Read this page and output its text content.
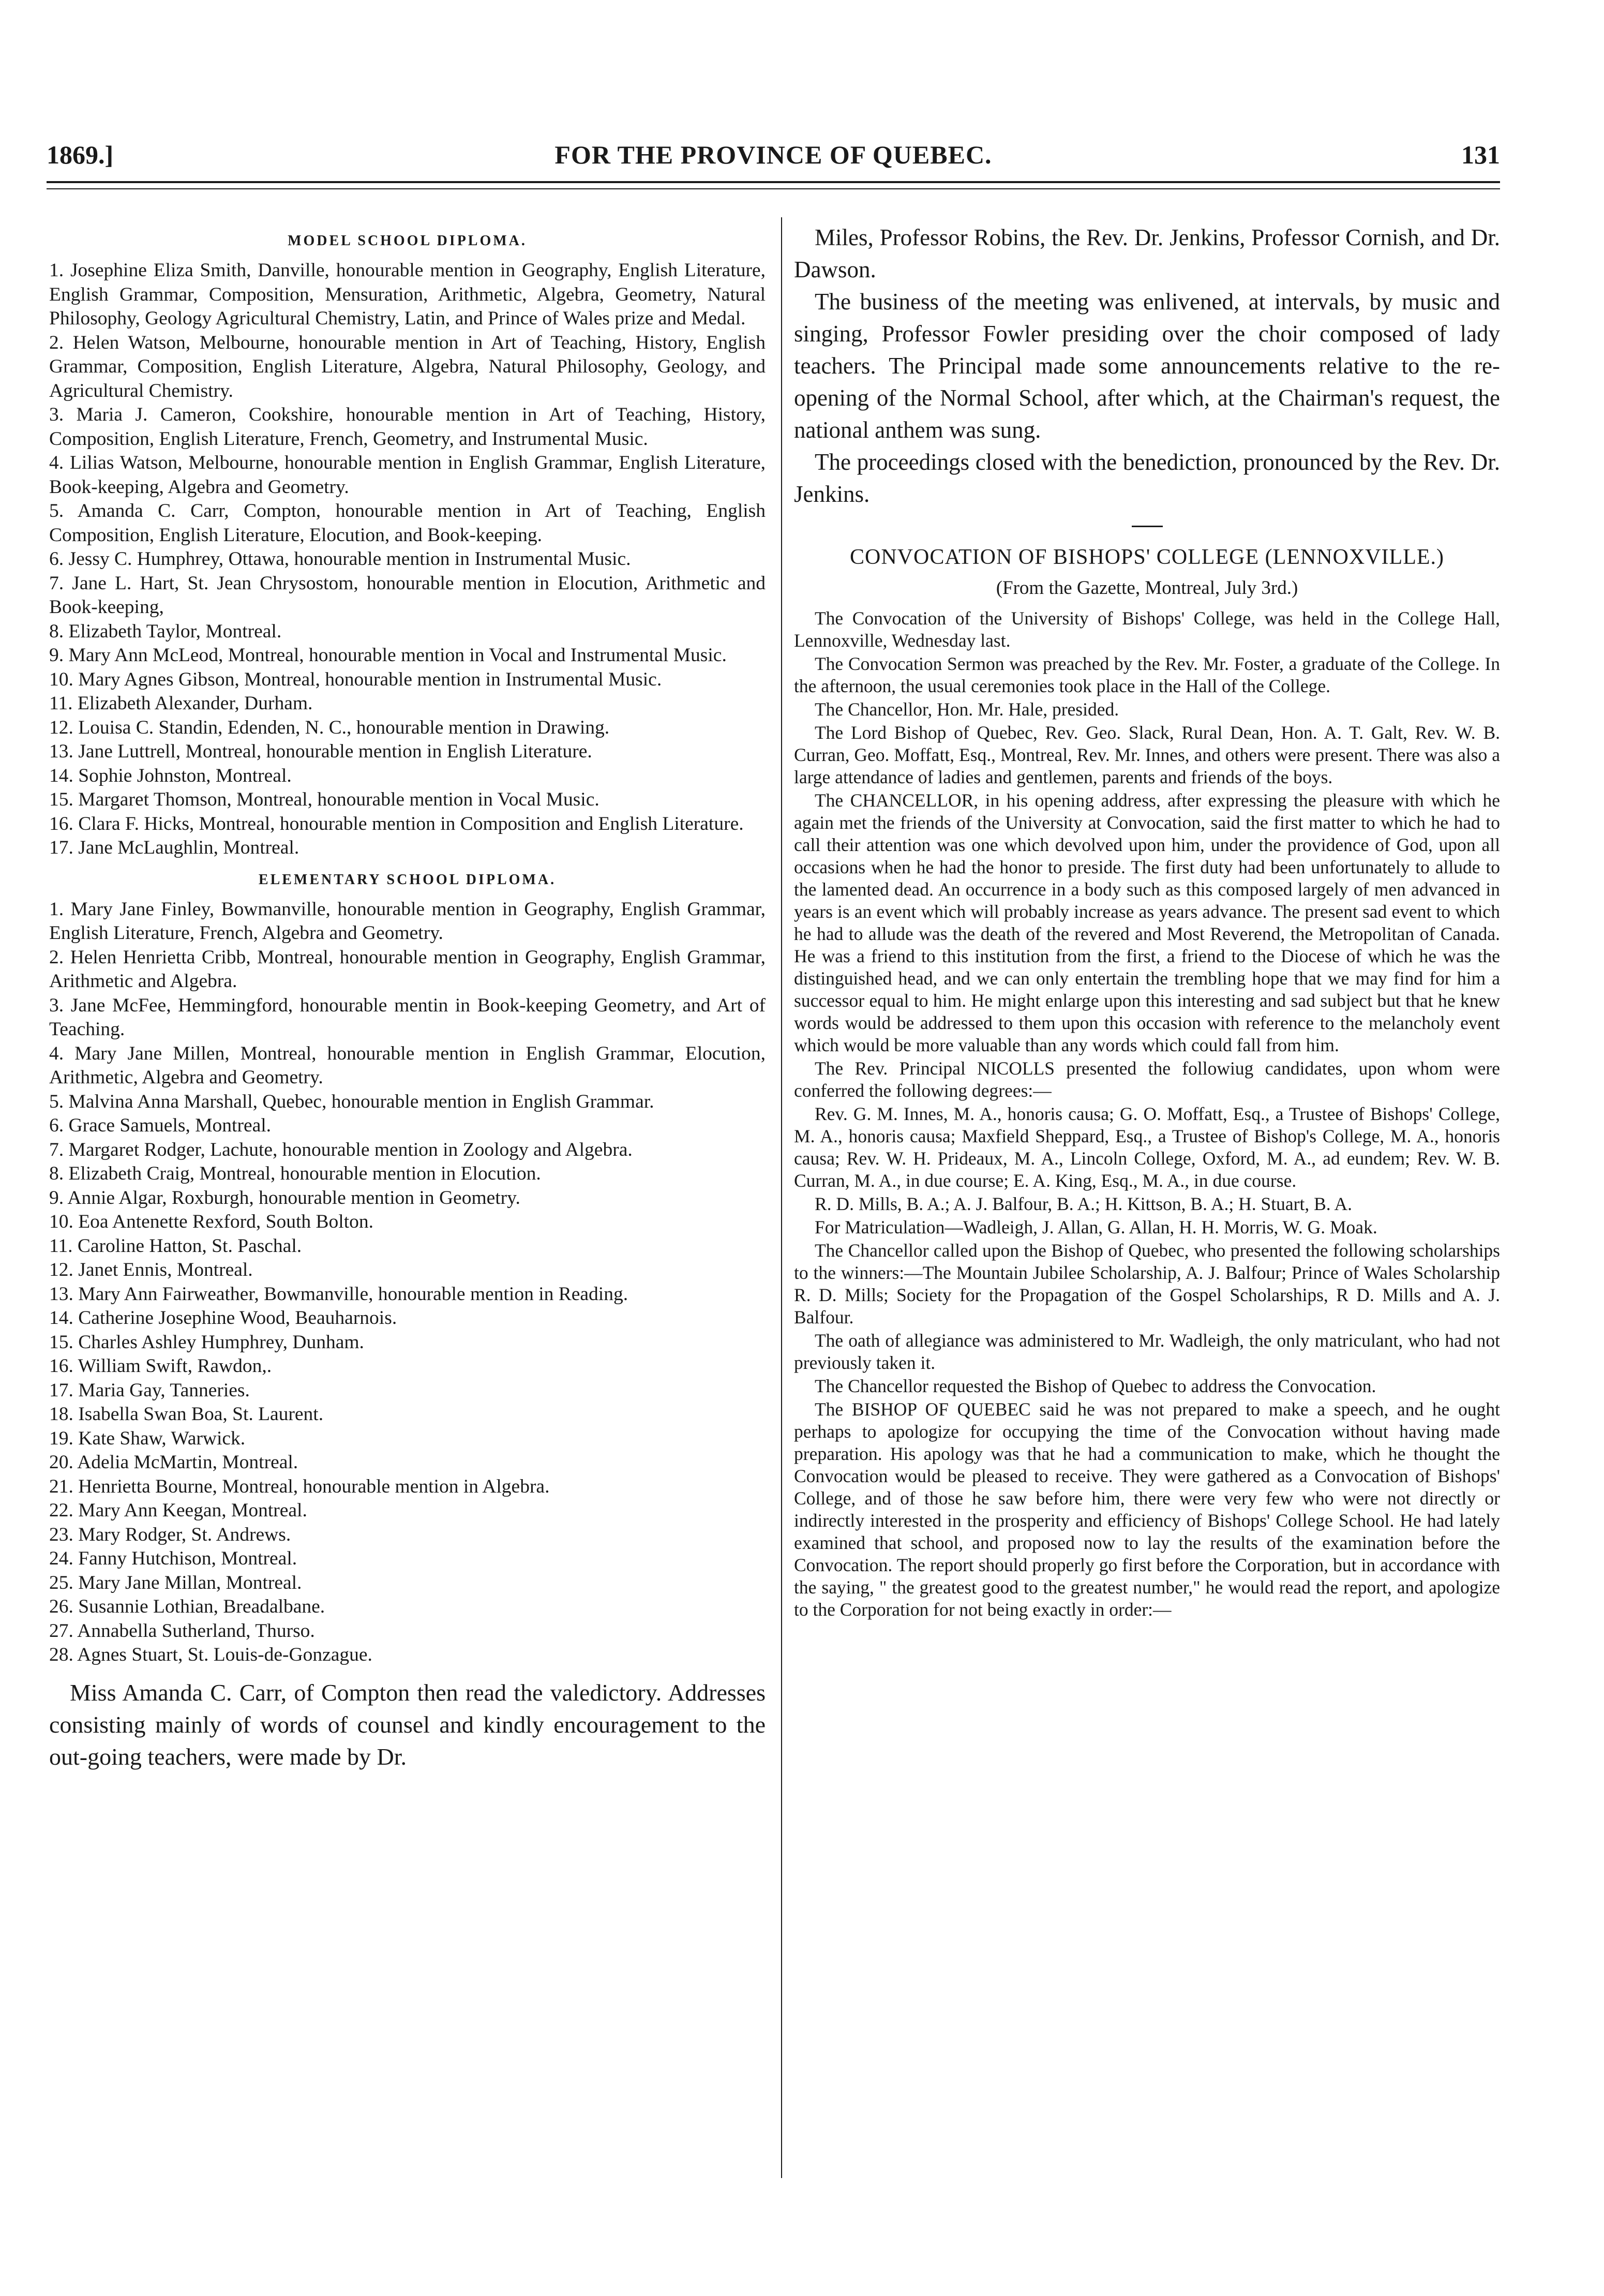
1869.]	FOR THE PROVINCE OF QUEBEC.	131
MODEL SCHOOL DIPLOMA.
1. Josephine Eliza Smith, Danville, honourable mention in Geography, English Literature, English Grammar, Composition, Mensuration, Arithmetic, Algebra, Geometry, Natural Philosophy, Geology Agricultural Chemistry, Latin, and Prince of Wales prize and Medal.
2. Helen Watson, Melbourne, honourable mention in Art of Teaching, History, English Grammar, Composition, English Literature, Algebra, Natural Philosophy, Geology, and Agricultural Chemistry.
3. Maria J. Cameron, Cookshire, honourable mention in Art of Teaching, History, Composition, English Literature, French, Geometry, and Instrumental Music.
4. Lilias Watson, Melbourne, honourable mention in English Grammar, English Literature, Book-keeping, Algebra and Geometry.
5. Amanda C. Carr, Compton, honourable mention in Art of Teaching, English Composition, English Literature, Elocution, and Book-keeping.
6. Jessy C. Humphrey, Ottawa, honourable mention in Instrumental Music.
7. Jane L. Hart, St. Jean Chrysostom, honourable mention in Elocution, Arithmetic and Book-keeping,
8. Elizabeth Taylor, Montreal.
9. Mary Ann McLeod, Montreal, honourable mention in Vocal and Instrumental Music.
10. Mary Agnes Gibson, Montreal, honourable mention in Instrumental Music.
11. Elizabeth Alexander, Durham.
12. Louisa C. Standin, Edenden, N. C., honourable mention in Drawing.
13. Jane Luttrell, Montreal, honourable mention in English Literature.
14. Sophie Johnston, Montreal.
15. Margaret Thomson, Montreal, honourable mention in Vocal Music.
16. Clara F. Hicks, Montreal, honourable mention in Composition and English Literature.
17. Jane McLaughlin, Montreal.
ELEMENTARY SCHOOL DIPLOMA.
1. Mary Jane Finley, Bowmanville, honourable mention in Geography, English Grammar, English Literature, French, Algebra and Geometry.
2. Helen Henrietta Cribb, Montreal, honourable mention in Geography, English Grammar, Arithmetic and Algebra.
3. Jane McFee, Hemmingford, honourable mentin in Book-keeping Geometry, and Art of Teaching.
4. Mary Jane Millen, Montreal, honourable mention in English Grammar, Elocution, Arithmetic, Algebra and Geometry.
5. Malvina Anna Marshall, Quebec, honourable mention in English Grammar.
6. Grace Samuels, Montreal.
7. Margaret Rodger, Lachute, honourable mention in Zoology and Algebra.
8. Elizabeth Craig, Montreal, honourable mention in Elocution.
9. Annie Algar, Roxburgh, honourable mention in Geometry.
10. Eoa Antenette Rexford, South Bolton.
11. Caroline Hatton, St. Paschal.
12. Janet Ennis, Montreal.
13. Mary Ann Fairweather, Bowmanville, honourable mention in Reading.
14. Catherine Josephine Wood, Beauharnois.
15. Charles Ashley Humphrey, Dunham.
16. William Swift, Rawdon,.
17. Maria Gay, Tanneries.
18. Isabella Swan Boa, St. Laurent.
19. Kate Shaw, Warwick.
20. Adelia McMartin, Montreal.
21. Henrietta Bourne, Montreal, honourable mention in Algebra.
22. Mary Ann Keegan, Montreal.
23. Mary Rodger, St. Andrews.
24. Fanny Hutchison, Montreal.
25. Mary Jane Millan, Montreal.
26. Susannie Lothian, Breadalbane.
27. Annabella Sutherland, Thurso.
28. Agnes Stuart, St. Louis-de-Gonzague.

Miss Amanda C. Carr, of Compton then read the valedictory. Addresses consisting mainly of words of counsel and kindly encouragement to the out-going teachers, were made by Dr.

Miles, Professor Robins, the Rev. Dr. Jenkins, Professor Cornish, and Dr. Dawson.

The business of the meeting was enlivened, at intervals, by music and singing, Professor Fowler presiding over the choir composed of lady teachers. The Principal made some announcements relative to the re-opening of the Normal School, after which, at the Chairman's request, the national anthem was sung.

The proceedings closed with the benediction, pronounced by the Rev. Dr. Jenkins.

CONVOCATION OF BISHOPS' COLLEGE (LENNOXVILLE.)
(From the Gazette, Montreal, July 3rd.)

The Convocation of the University of Bishops' College, was held in the College Hall, Lennoxville, Wednesday last.

The Convocation Sermon was preached by the Rev. Mr. Foster, a graduate of the College. In the afternoon, the usual ceremonies took place in the Hall of the College.

The Chancellor, Hon. Mr. Hale, presided.

The Lord Bishop of Quebec, Rev. Geo. Slack, Rural Dean, Hon. A. T. Galt, Rev. W. B. Curran, Geo. Moffatt, Esq., Montreal, Rev. Mr. Innes, and others were present. There was also a large attendance of ladies and gentlemen, parents and friends of the boys.

The CHANCELLOR, in his opening address, after expressing the pleasure with which he again met the friends of the University at Convocation, said the first matter to which he had to call their attention was one which devolved upon him, under the providence of God, upon all occasions when he had the honor to preside. The first duty had been unfortunately to allude to the lamented dead. An occurrence in a body such as this composed largely of men advanced in years is an event which will probably increase as years advance. The present sad event to which he had to allude was the death of the revered and Most Reverend, the Metropolitan of Canada. He was a friend to this institution from the first, a friend to the Diocese of which he was the distinguished head, and we can only entertain the trembling hope that we may find for him a successor equal to him. He might enlarge upon this interesting and sad subject but that he knew words would be addressed to them upon this occasion with reference to the melancholy event which would be more valuable than any words which could fall from him.

The Rev. Principal NICOLLS presented the followiug candidates, upon whom were conferred the following degrees:—

Rev. G. M. Innes, M. A., honoris causa; G. O. Moffatt, Esq., a Trustee of Bishops' College, M. A., honoris causa; Maxfield Sheppard, Esq., a Trustee of Bishop's College, M. A., honoris causa; Rev. W. H. Prideaux, M. A., Lincoln College, Oxford, M. A., ad eundem; Rev. W. B. Curran, M. A., in due course; E. A. King, Esq., M. A., in due course.

R. D. Mills, B. A.; A. J. Balfour, B. A.; H. Kittson, B. A.; H. Stuart, B. A.

For Matriculation—Wadleigh, J. Allan, G. Allan, H. H. Morris, W. G. Moak.

The Chancellor called upon the Bishop of Quebec, who presented the following scholarships to the winners:—The Mountain Jubilee Scholarship, A. J. Balfour; Prince of Wales Scholarship R. D. Mills; Society for the Propagation of the Gospel Scholarships, R D. Mills and A. J. Balfour.

The oath of allegiance was administered to Mr. Wadleigh, the only matriculant, who had not previously taken it.

The Chancellor requested the Bishop of Quebec to address the Convocation.

The BISHOP OF QUEBEC said he was not prepared to make a speech, and he ought perhaps to apologize for occupying the time of the Convocation without having made preparation. His apology was that he had a communication to make, which he thought the Convocation would be pleased to receive. They were gathered as a Convocation of Bishops' College, and of those he saw before him, there were very few who were not directly or indirectly interested in the prosperity and efficiency of Bishops' College School. He had lately examined that school, and proposed now to lay the results of the examination before the Convocation. The report should properly go first before the Corporation, but in accordance with the saying, " the greatest good to the greatest number," he would read the report, and apologize to the Corporation for not being exactly in order:—
